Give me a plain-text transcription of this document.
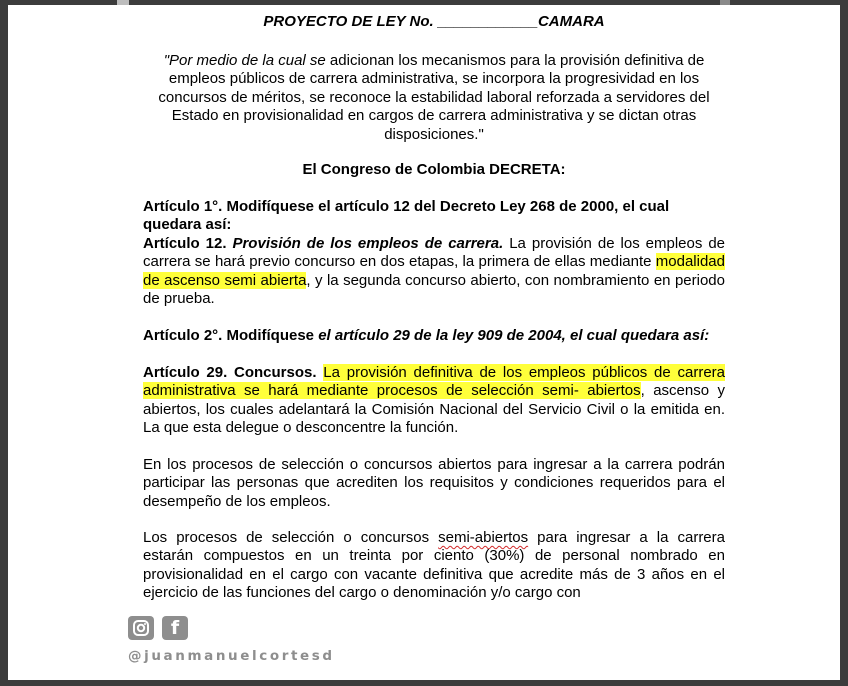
PROYECTO DE LEY No. ____________CAMARA
"Por medio de la cual se adicionan los mecanismos para la provisión definitiva de empleos públicos de carrera administrativa, se incorpora la progresividad en los concursos de méritos, se reconoce la estabilidad laboral reforzada a servidores del Estado en provisionalidad en cargos de carrera administrativa y se dictan otras disposiciones."
El Congreso de Colombia DECRETA:
Artículo 1°. Modifíquese el artículo 12 del Decreto Ley 268 de 2000, el cual quedara así:
Artículo 12. Provisión de los empleos de carrera. La provisión de los empleos de carrera se hará previo concurso en dos etapas, la primera de ellas mediante modalidad de ascenso semi abierta, y la segunda concurso abierto, con nombramiento en periodo de prueba.
Artículo 2°. Modifíquese el artículo 29 de la ley 909 de 2004, el cual quedara así:
Artículo 29. Concursos. La provisión definitiva de los empleos públicos de carrera administrativa se hará mediante procesos de selección semi- abiertos, ascenso y abiertos, los cuales adelantará la Comisión Nacional del Servicio Civil o la emitida en. La que esta delegue o desconcentre la función.
En los procesos de selección o concursos abiertos para ingresar a la carrera podrán participar las personas que acrediten los requisitos y condiciones requeridos para el desempeño de los empleos.
Los procesos de selección o concursos semi-abiertos para ingresar a la carrera estarán compuestos en un treinta por ciento (30%) de personal nombrado en provisionalidad en el cargo con vacante definitiva que acredite más de 3 años en el ejercicio de las funciones del cargo o denominación y/o cargo con
f
@juanmanuelcortesd
